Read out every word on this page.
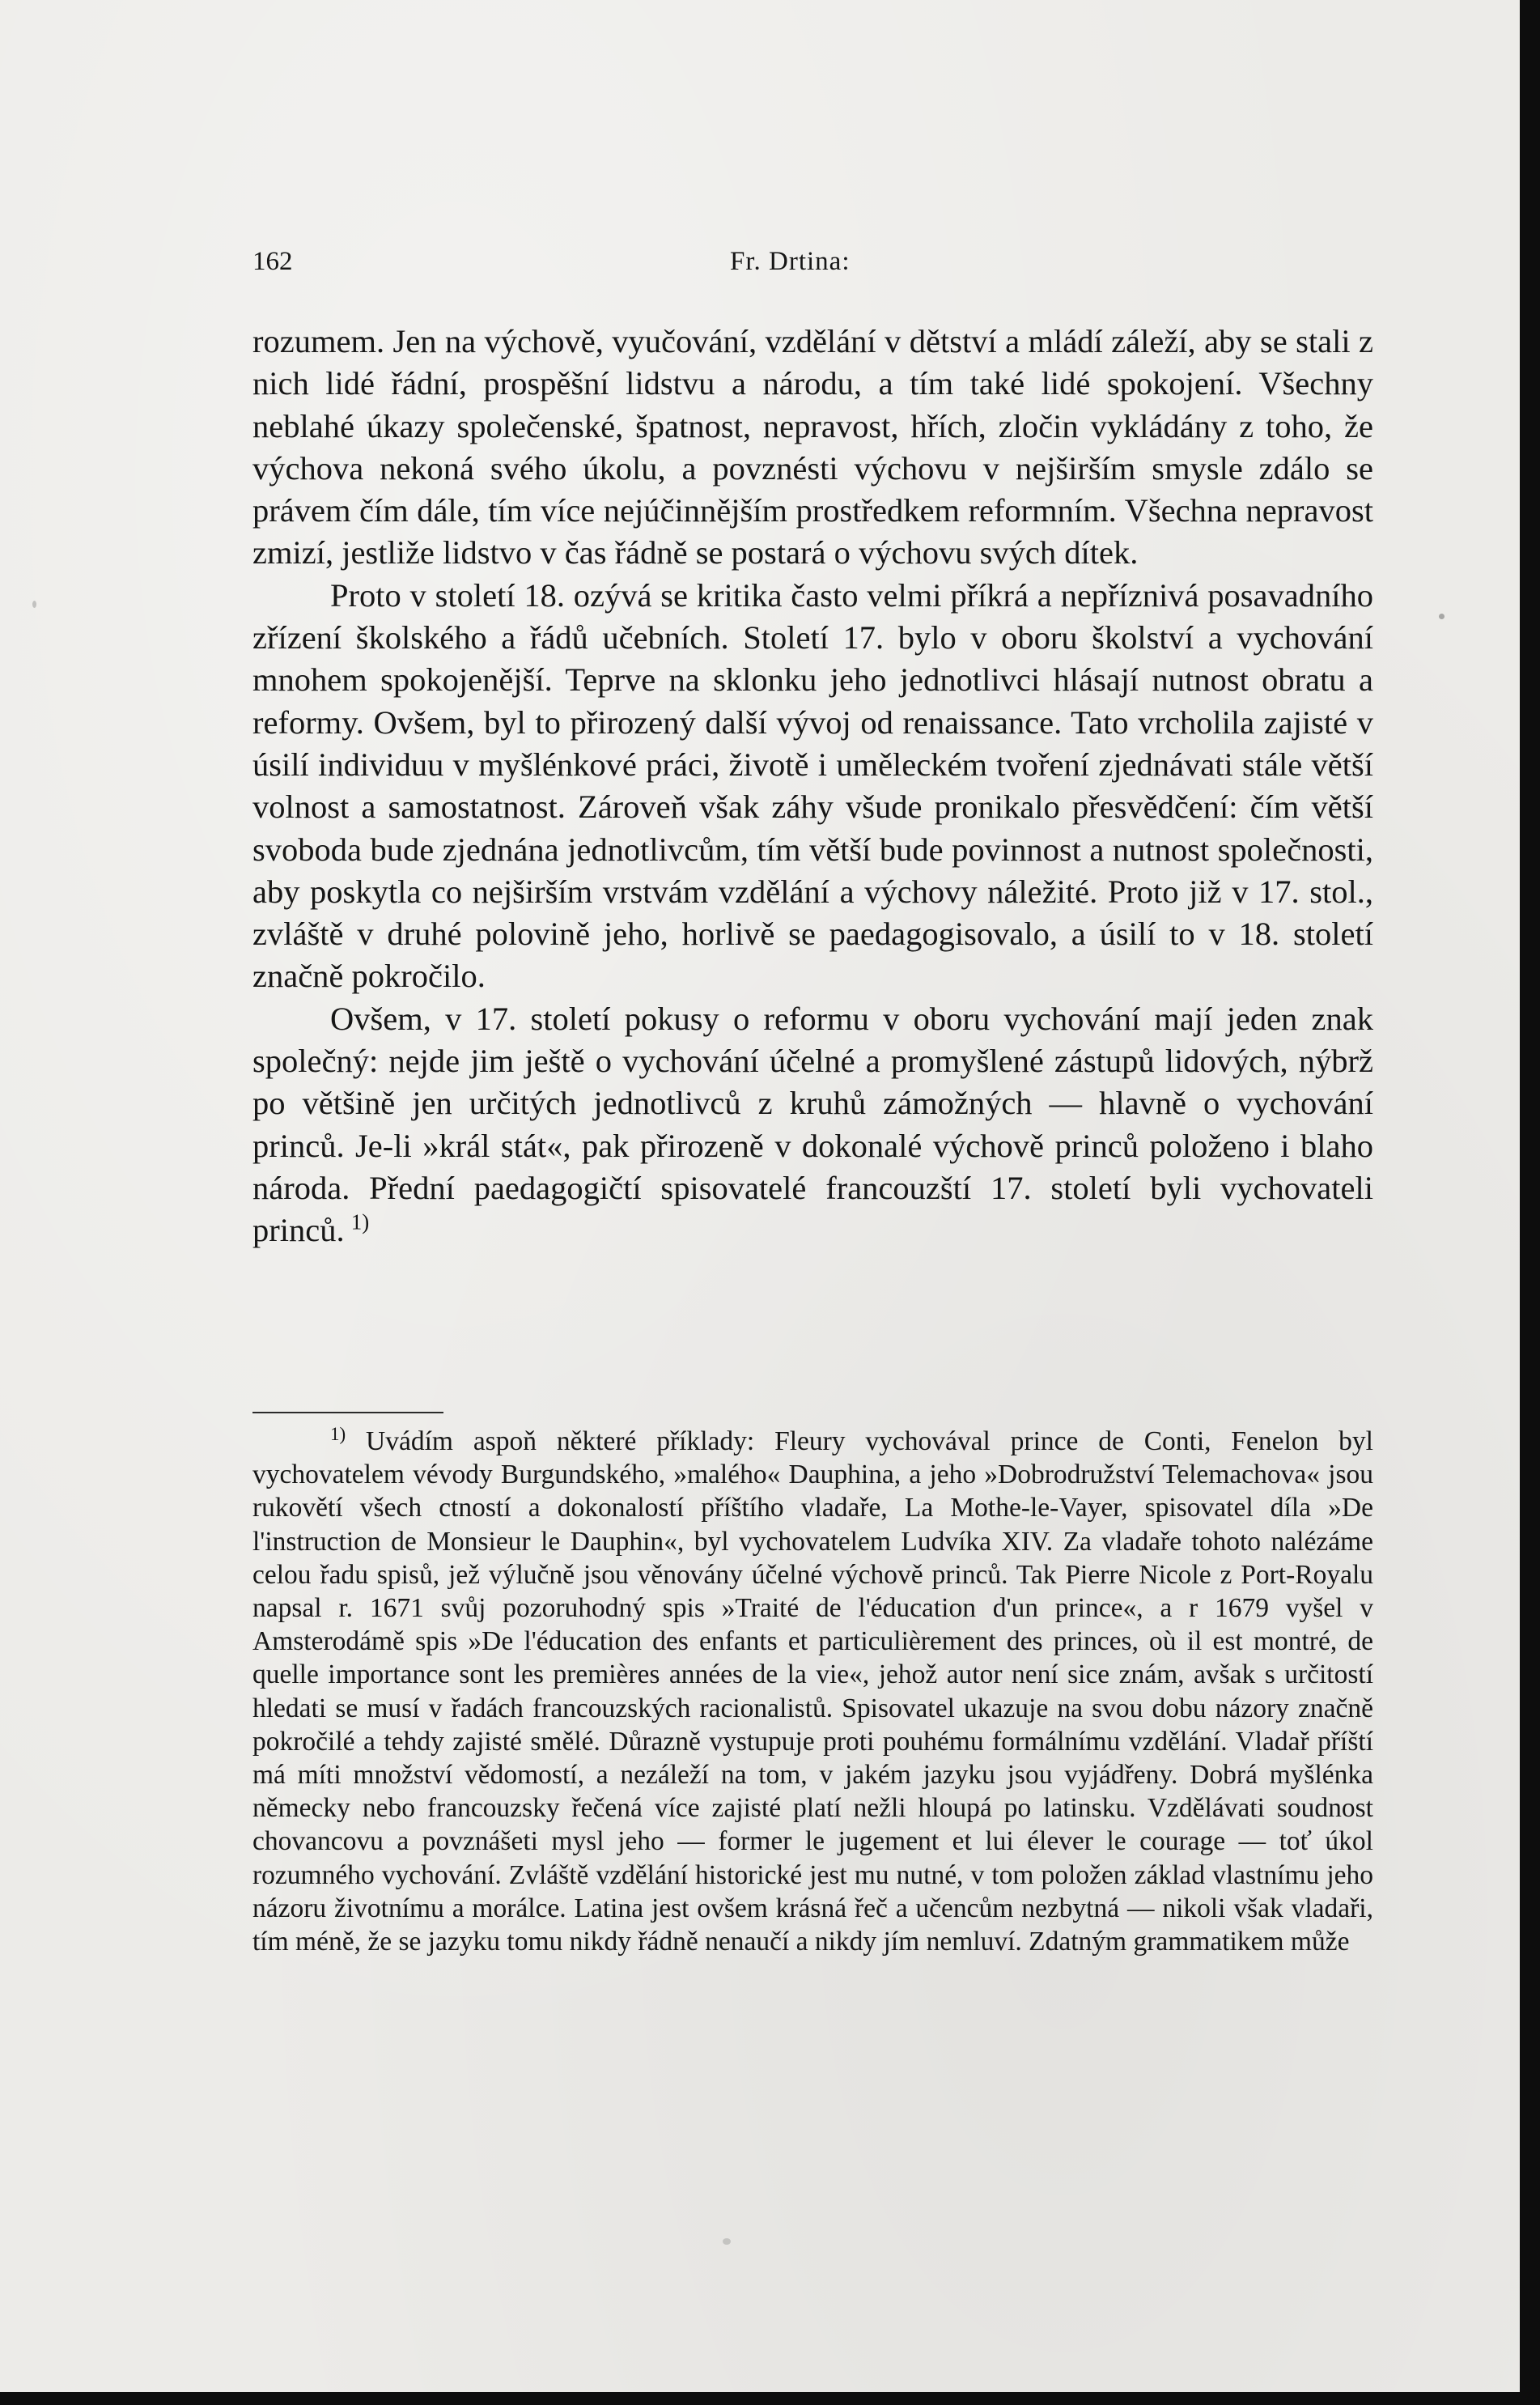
162	Fr. Drtina:

rozumem. Jen na výchově, vyučování, vzdělání v dětství a mládí záleží, aby se stali z nich lidé řádní, prospěšní lidstvu a národu, a tím také lidé spokojení. Všechny neblahé úkazy společenské, špatnost, nepravost, hřích, zločin vykládány z toho, že výchova nekoná svého úkolu, a povznésti výchovu v nejširším smysle zdálo se právem čím dále, tím více nejúčinnějším prostředkem reformním. Všechna nepravost zmizí, jestliže lidstvo v čas řádně se postará o výchovu svých dítek.

Proto v století 18. ozývá se kritika často velmi příkrá a nepříznivá posavadního zřízení školského a řádů učebních. Století 17. bylo v oboru školství a vychování mnohem spokojenější. Teprve na sklonku jeho jednotlivci hlásají nutnost obratu a reformy. Ovšem, byl to přirozený další vývoj od renaissance. Tato vrcholila zajisté v úsilí individuu v myšlénkové práci, životě i uměleckém tvoření zjednávati stále větší volnost a samostatnost. Zároveň však záhy všude pronikalo přesvědčení: čím větší svoboda bude zjednána jednotlivcům, tím větší bude povinnost a nutnost společnosti, aby poskytla co nejširším vrstvám vzdělání a výchovy náležité. Proto již v 17. stol., zvláště v druhé polovině jeho, horlivě se paedagogisovalo, a úsilí to v 18. století značně pokročilo.

Ovšem, v 17. století pokusy o reformu v oboru vychování mají jeden znak společný: nejde jim ještě o vychování účelné a promyšlené zástupů lidových, nýbrž po většině jen určitých jednotlivců z kruhů zámožných — hlavně o vychování princů. Je-li »král stát«, pak přirozeně v dokonalé výchově princů položeno i blaho národa. Přední paedagogičtí spisovatelé francouzští 17. století byli vychovateli princů.  $^{1)}$

$^{1)}$ Uvádím aspoň některé příklady: Fleury vychovával prince de Conti, Fenelon byl vychovatelem vévody Burgundského, »malého« Dauphina, a jeho »Dobrodružství Telemachova« jsou rukovětí všech ctností a dokonalostí příštího vladaře, La Mothe-le-Vayer, spisovatel díla »De l'instruction de Monsieur le Dauphin«, byl vychovatelem Ludvíka XIV. Za vladaře tohoto nalézáme celou řadu spisů, jež výlučně jsou věnovány účelné výchově princů. Tak Pierre Nicole z Port-Royalu napsal r. 1671 svůj pozoruhodný spis »Traité de l'éducation d'un prince«, a r 1679 vyšel v Amsterodámě spis »De l'éducation des enfants et particulièrement des princes, où il est montré, de quelle importance sont les premières années de la vie«, jehož autor není sice znám, avšak s určitostí hledati se musí v řadách francouzských racionalistů. Spisovatel ukazuje na svou dobu názory značně pokročilé a tehdy zajisté smělé. Důrazně vystupuje proti pouhému formálnímu vzdělání. Vladař příští má míti množství vědomostí, a nezáleží na tom, v jakém jazyku jsou vyjádřeny. Dobrá myšlénka německy nebo francouzsky řečená více zajisté platí nežli hloupá po latinsku. Vzdělávati soudnost chovancovu a povznášeti mysl jeho — former le jugement et lui élever le courage — toť úkol rozumného vychování. Zvláště vzdělání historické jest mu nutné, v tom položen základ vlastnímu jeho názoru životnímu a morálce. Latina jest ovšem krásná řeč a učencům nezbytná — nikoli však vladaři, tím méně, že se jazyku tomu nikdy řádně nenaučí a nikdy jím nemluví. Zdatným grammatikem může
